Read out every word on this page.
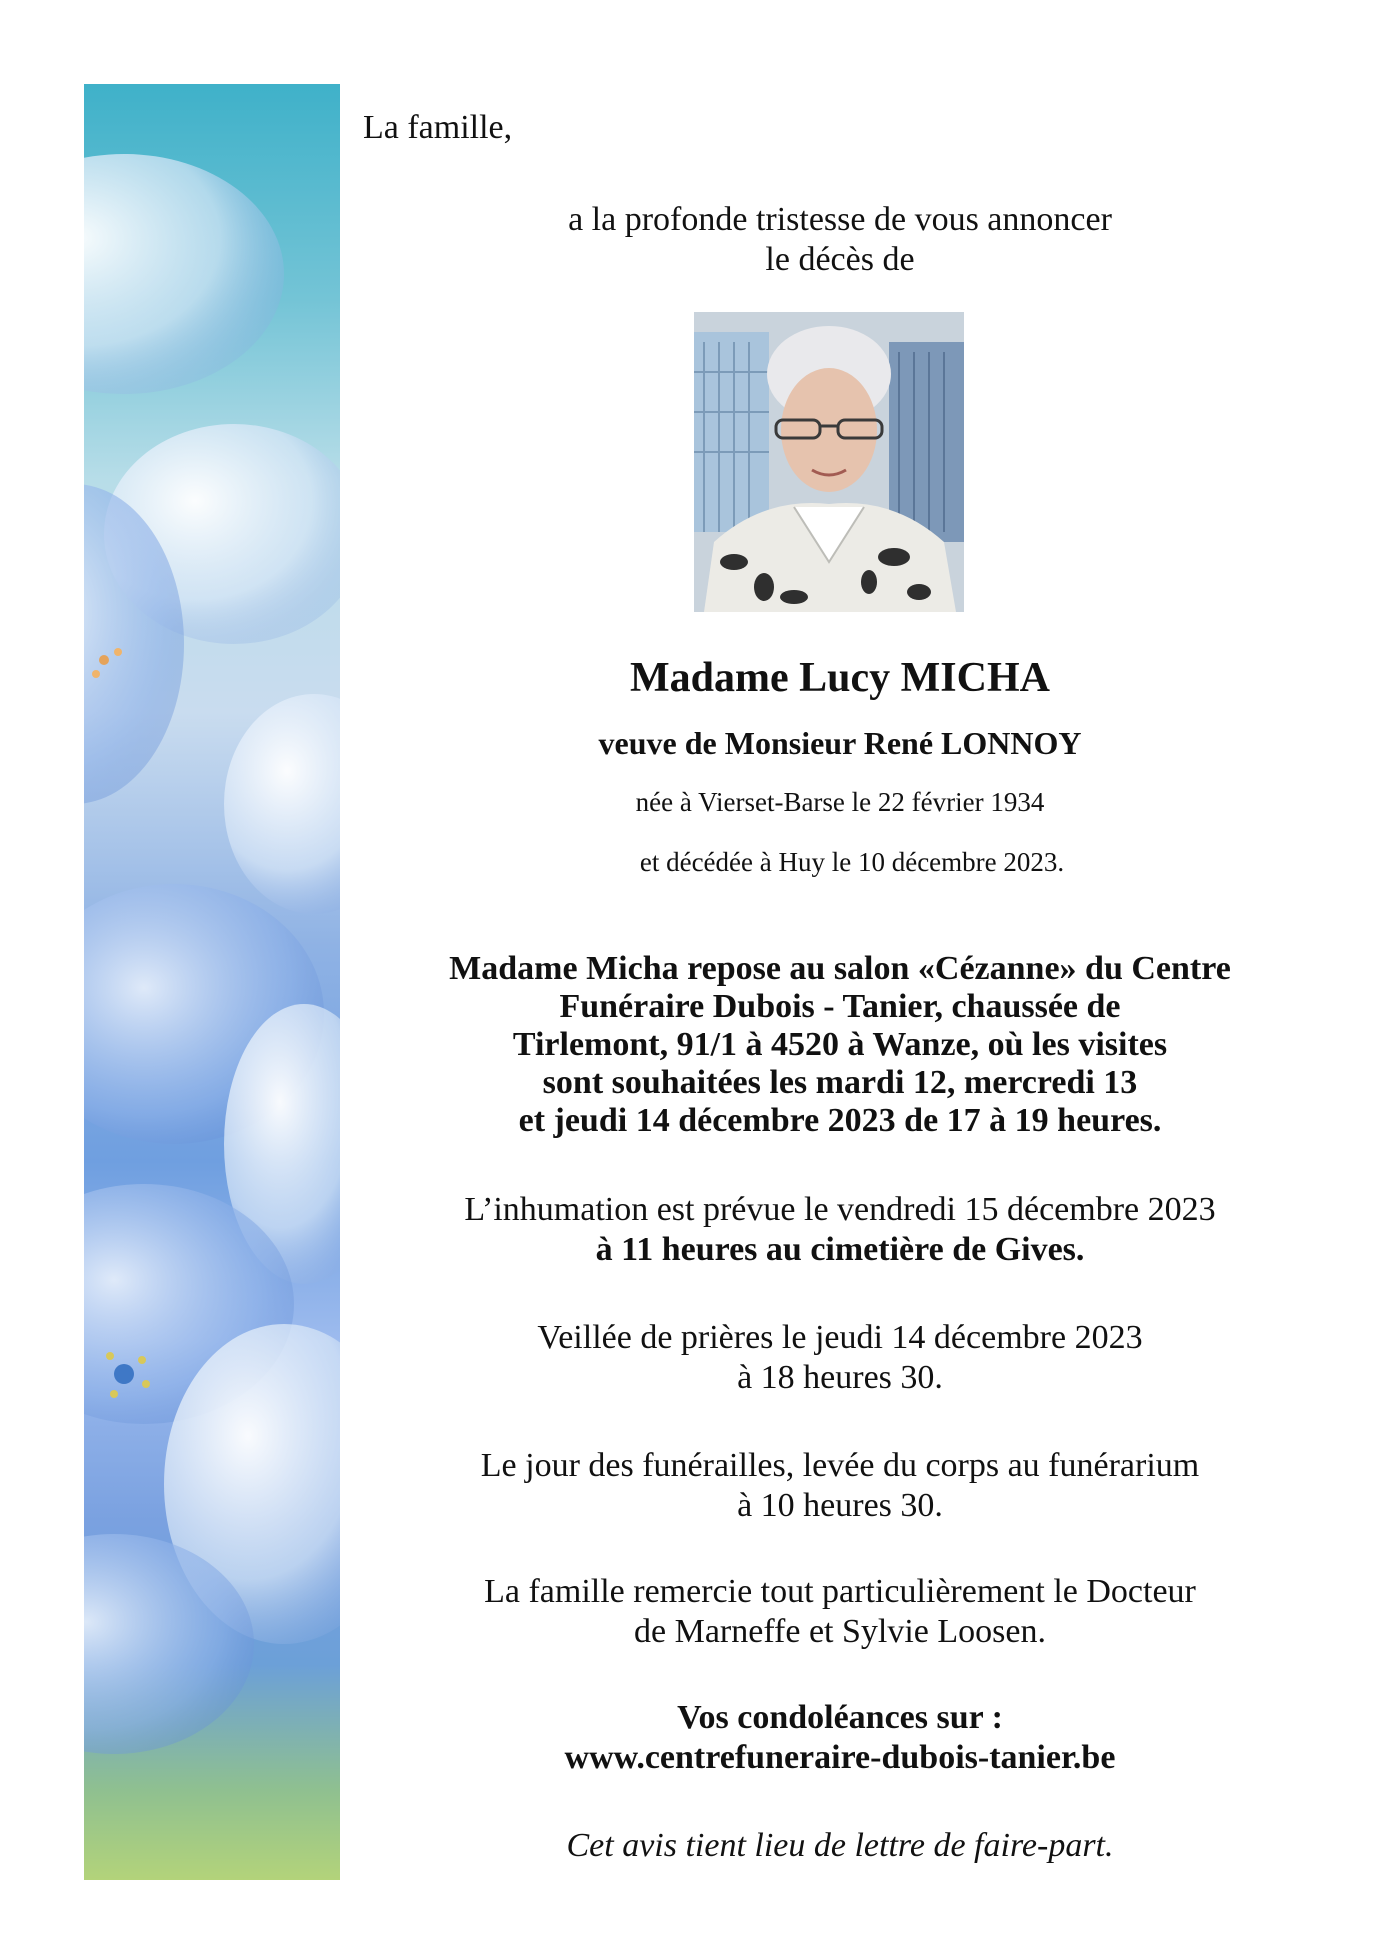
La famille,

a la profonde tristesse de vous annoncer

le décès de

Madame Lucy MICHA

veuve de Monsieur René LONNOY

née à Vierset-Barse le 22 février 1934

et décédée à Huy le 10 décembre 2023.

Madame Micha repose au salon «Cézanne» du Centre

Funéraire Dubois - Tanier, chaussée de

Tirlemont, 91/1 à 4520 à Wanze, où les visites

sont souhaitées les mardi 12, mercredi 13

et jeudi 14 décembre 2023 de 17 à 19 heures.

L’inhumation est prévue le vendredi 15 décembre 2023

à 11 heures au cimetière de Gives.

Veillée de prières le jeudi 14 décembre 2023

à 18 heures 30.

Le jour des funérailles, levée du corps au funérarium

à 10 heures 30.

La famille remercie tout particulièrement le Docteur

de Marneffe et Sylvie Loosen.

Vos condoléances sur :

www.centrefuneraire-dubois-tanier.be

Cet avis tient lieu de lettre de faire-part.
